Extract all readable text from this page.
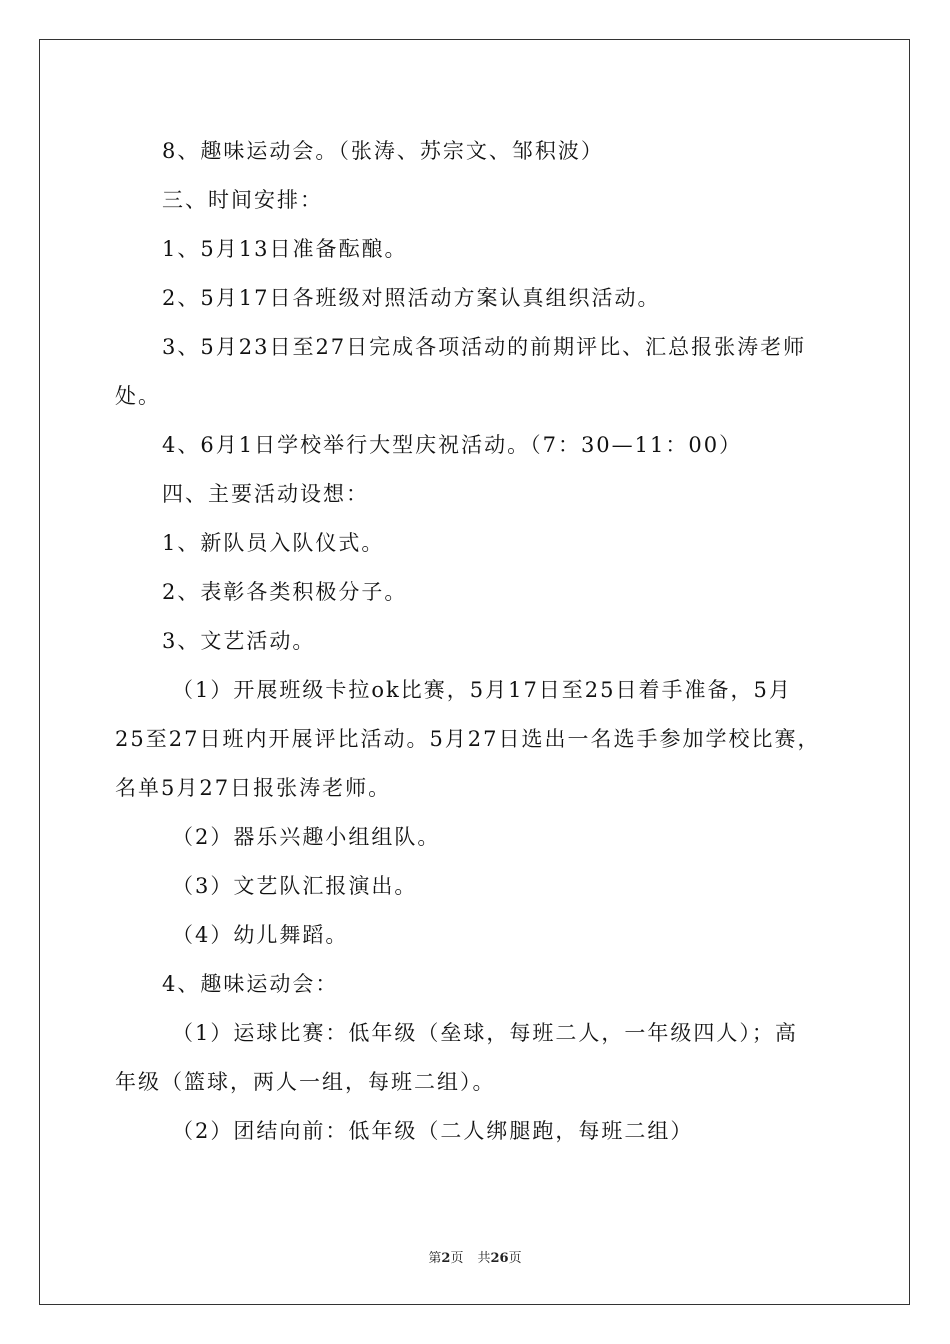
8、趣味运动会。（张涛、苏宗文、邹积波）

三、时间安排：

1、5月13日准备酝酿。

2、5月17日各班级对照活动方案认真组织活动。

3、5月23日至27日完成各项活动的前期评比、汇总报张涛老师

处。

4、6月1日学校举行大型庆祝活动。（7：30—11：00）

四、主要活动设想：

1、新队员入队仪式。

2、表彰各类积极分子。

3、文艺活动。

（1）开展班级卡拉ok比赛，5月17日至25日着手准备，5月

25至27日班内开展评比活动。5月27日选出一名选手参加学校比赛，

名单5月27日报张涛老师。

（2）器乐兴趣小组组队。

（3）文艺队汇报演出。

（4）幼儿舞蹈。

4、趣味运动会：

（1）运球比赛：低年级（垒球，每班二人，一年级四人）；高

年级（篮球，两人一组，每班二组）。

（2）团结向前：低年级（二人绑腿跑，每班二组）

第2页 共26页
